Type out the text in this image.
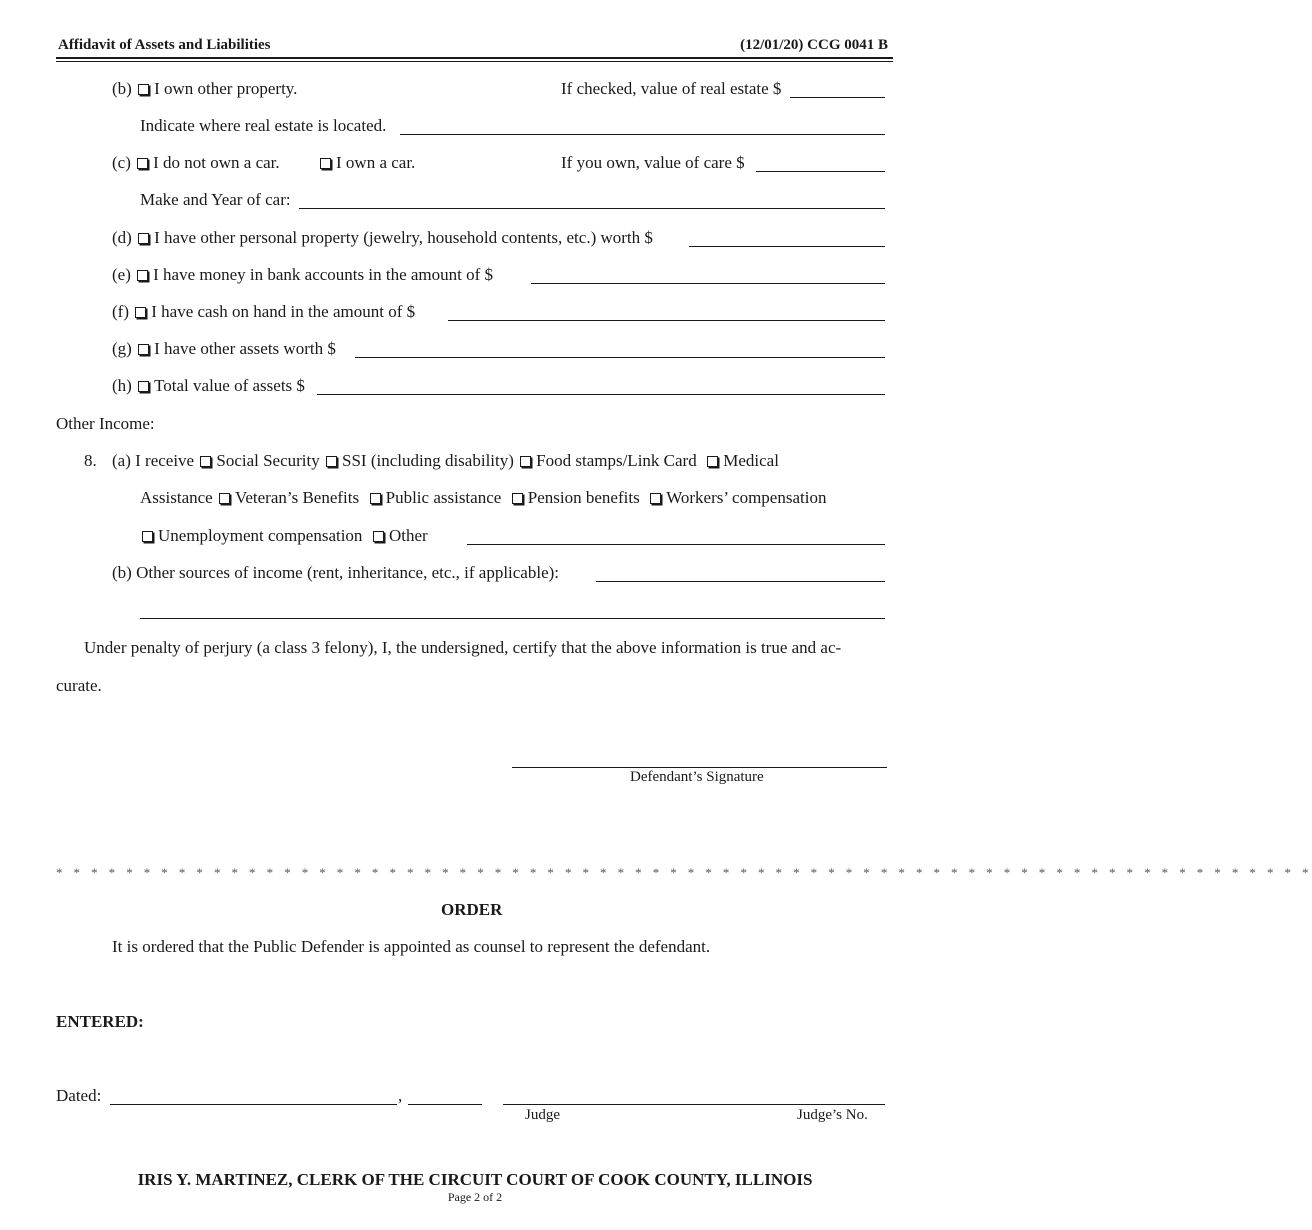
Affidavit of Assets and Liabilities	(12/01/20) CCG 0041 B
(b) I own other property.	If checked, value of real estate $
Indicate where real estate is located.
(c) I do not own a car.	I own a car.	If you own, value of care $
Make and Year of car:
(d) I have other personal property (jewelry, household contents, etc.) worth $
(e) I have money in bank accounts in the amount of $
(f) I have cash on hand in the amount of $
(g) I have other assets worth $
(h) Total value of assets $
Other Income:
8. (a) I receive Social Security SSI (including disability) Food stamps/Link Card Medical
Assistance Veteran’s Benefits Public assistance Pension benefits Workers’ compensation
Unemployment compensation Other
(b) Other sources of income (rent, inheritance, etc., if applicable):
Under penalty of perjury (a class 3 felony), I, the undersigned, certify that the above information is true and ac-
curate.
Defendant’s Signature
* * * * * * * * * * * * * * * * * * * * * * * * * * * * * * * * * * * * * * * * * * * * * * * * * * * * * * * * * * * * * * * * * * * * * * * *
ORDER
It is ordered that the Public Defender is appointed as counsel to represent the defendant.
ENTERED:
Dated:	,
Judge	Judge’s No.
IRIS Y. MARTINEZ, CLERK OF THE CIRCUIT COURT OF COOK COUNTY, ILLINOIS
Page 2 of 2
